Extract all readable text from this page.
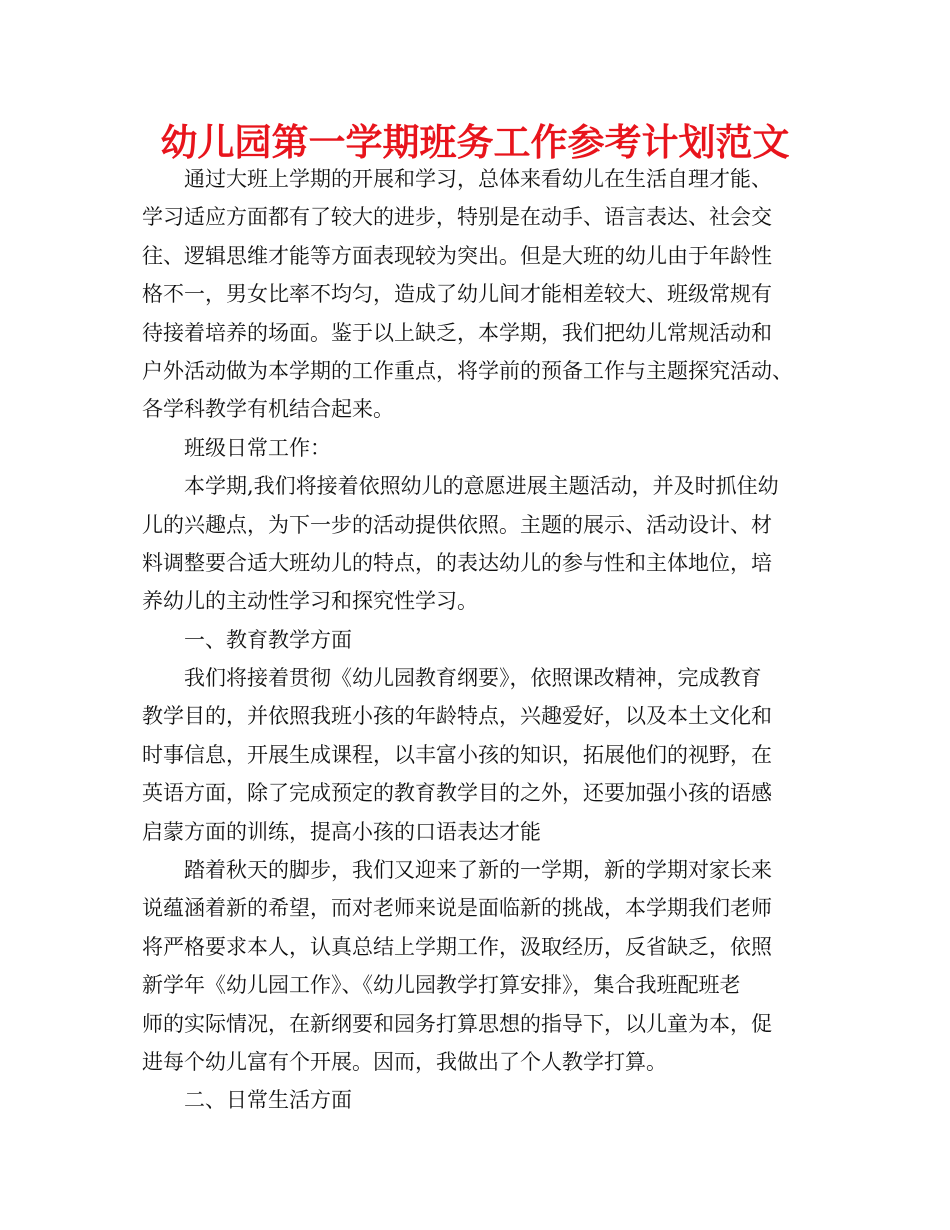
幼儿园第一学期班务工作参考计划范文
通过大班上学期的开展和学习，总体来看幼儿在生活自理才能、
学习适应方面都有了较大的进步，特别是在动手、语言表达、社会交
往、逻辑思维才能等方面表现较为突出。但是大班的幼儿由于年龄性
格不一，男女比率不均匀，造成了幼儿间才能相差较大、班级常规有
待接着培养的场面。鉴于以上缺乏，本学期，我们把幼儿常规活动和
户外活动做为本学期的工作重点，将学前的预备工作与主题探究活动、
各学科教学有机结合起来。
班级日常工作：
本学期,我们将接着依照幼儿的意愿进展主题活动，并及时抓住幼
儿的兴趣点，为下一步的活动提供依照。主题的展示、活动设计、材
料调整要合适大班幼儿的特点，的表达幼儿的参与性和主体地位，培
养幼儿的主动性学习和探究性学习。
一、教育教学方面
我们将接着贯彻《幼儿园教育纲要》，依照课改精神，完成教育
教学目的，并依照我班小孩的年龄特点，兴趣爱好，以及本土文化和
时事信息，开展生成课程，以丰富小孩的知识，拓展他们的视野，在
英语方面，除了完成预定的教育教学目的之外，还要加强小孩的语感
启蒙方面的训练，提高小孩的口语表达才能
踏着秋天的脚步，我们又迎来了新的一学期，新的学期对家长来
说蕴涵着新的希望，而对老师来说是面临新的挑战，本学期我们老师
将严格要求本人，认真总结上学期工作，汲取经历，反省缺乏，依照
新学年《幼儿园工作》、《幼儿园教学打算安排》，集合我班配班老
师的实际情况，在新纲要和园务打算思想的指导下，以儿童为本，促
进每个幼儿富有个开展。因而，我做出了个人教学打算。
二、日常生活方面
